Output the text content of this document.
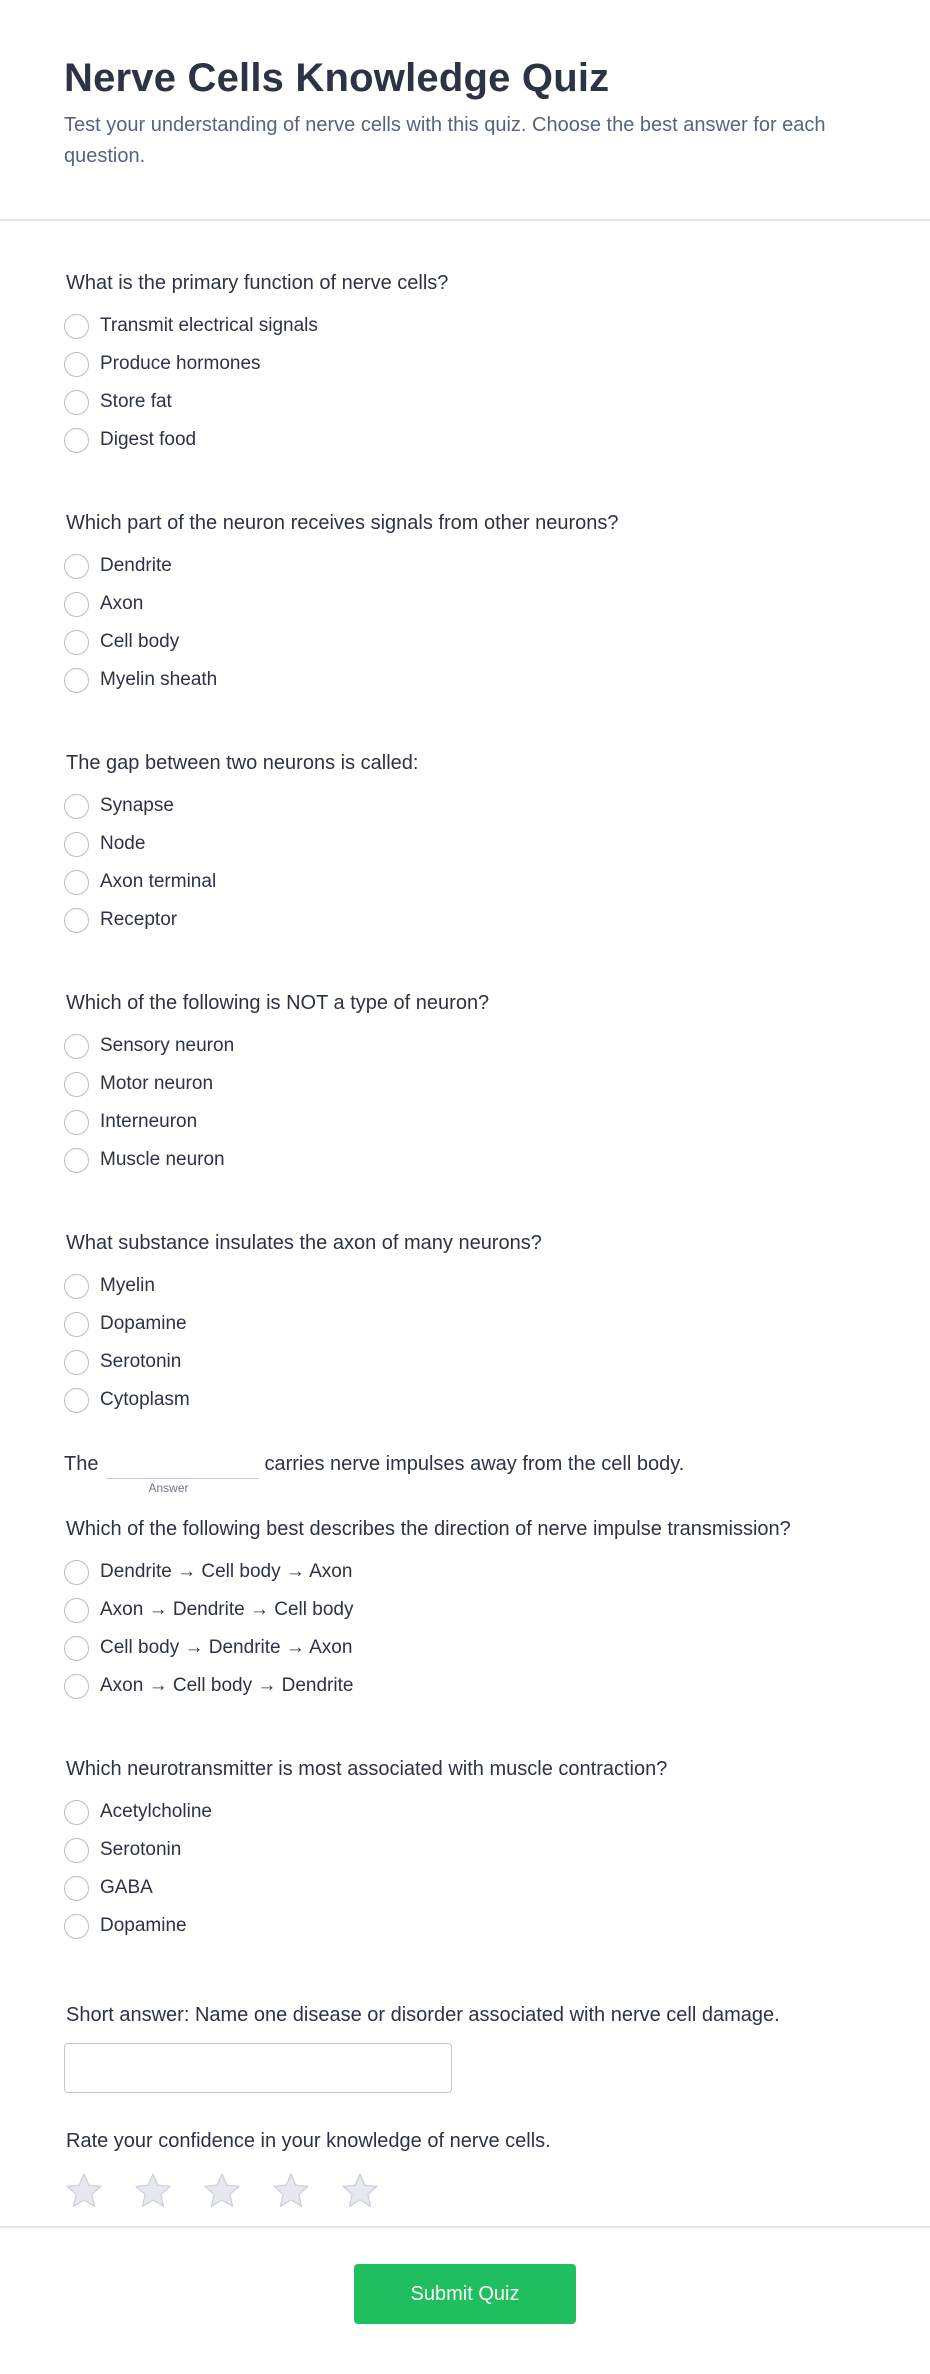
Nerve Cells Knowledge Quiz

Test your understanding of nerve cells with this quiz. Choose the best answer for each question.

What is the primary function of nerve cells?
Transmit electrical signals
Produce hormones
Store fat
Digest food
Which part of the neuron receives signals from other neurons?
Dendrite
Axon
Cell body
Myelin sheath
The gap between two neurons is called:
Synapse
Node
Axon terminal
Receptor
Which of the following is NOT a type of neuron?
Sensory neuron
Motor neuron
Interneuron
Muscle neuron
What substance insulates the axon of many neurons?
Myelin
Dopamine
Serotonin
Cytoplasm
The
Answer
carries nerve impulses away from the cell body.
Which of the following best describes the direction of nerve impulse transmission?
Dendrite → Cell body → Axon
Axon → Dendrite → Cell body
Cell body → Dendrite → Axon
Axon → Cell body → Dendrite
Which neurotransmitter is most associated with muscle contraction?
Acetylcholine
Serotonin
GABA
Dopamine
Short answer: Name one disease or disorder associated with nerve cell damage.
Rate your confidence in your knowledge of nerve cells.
Submit Quiz
